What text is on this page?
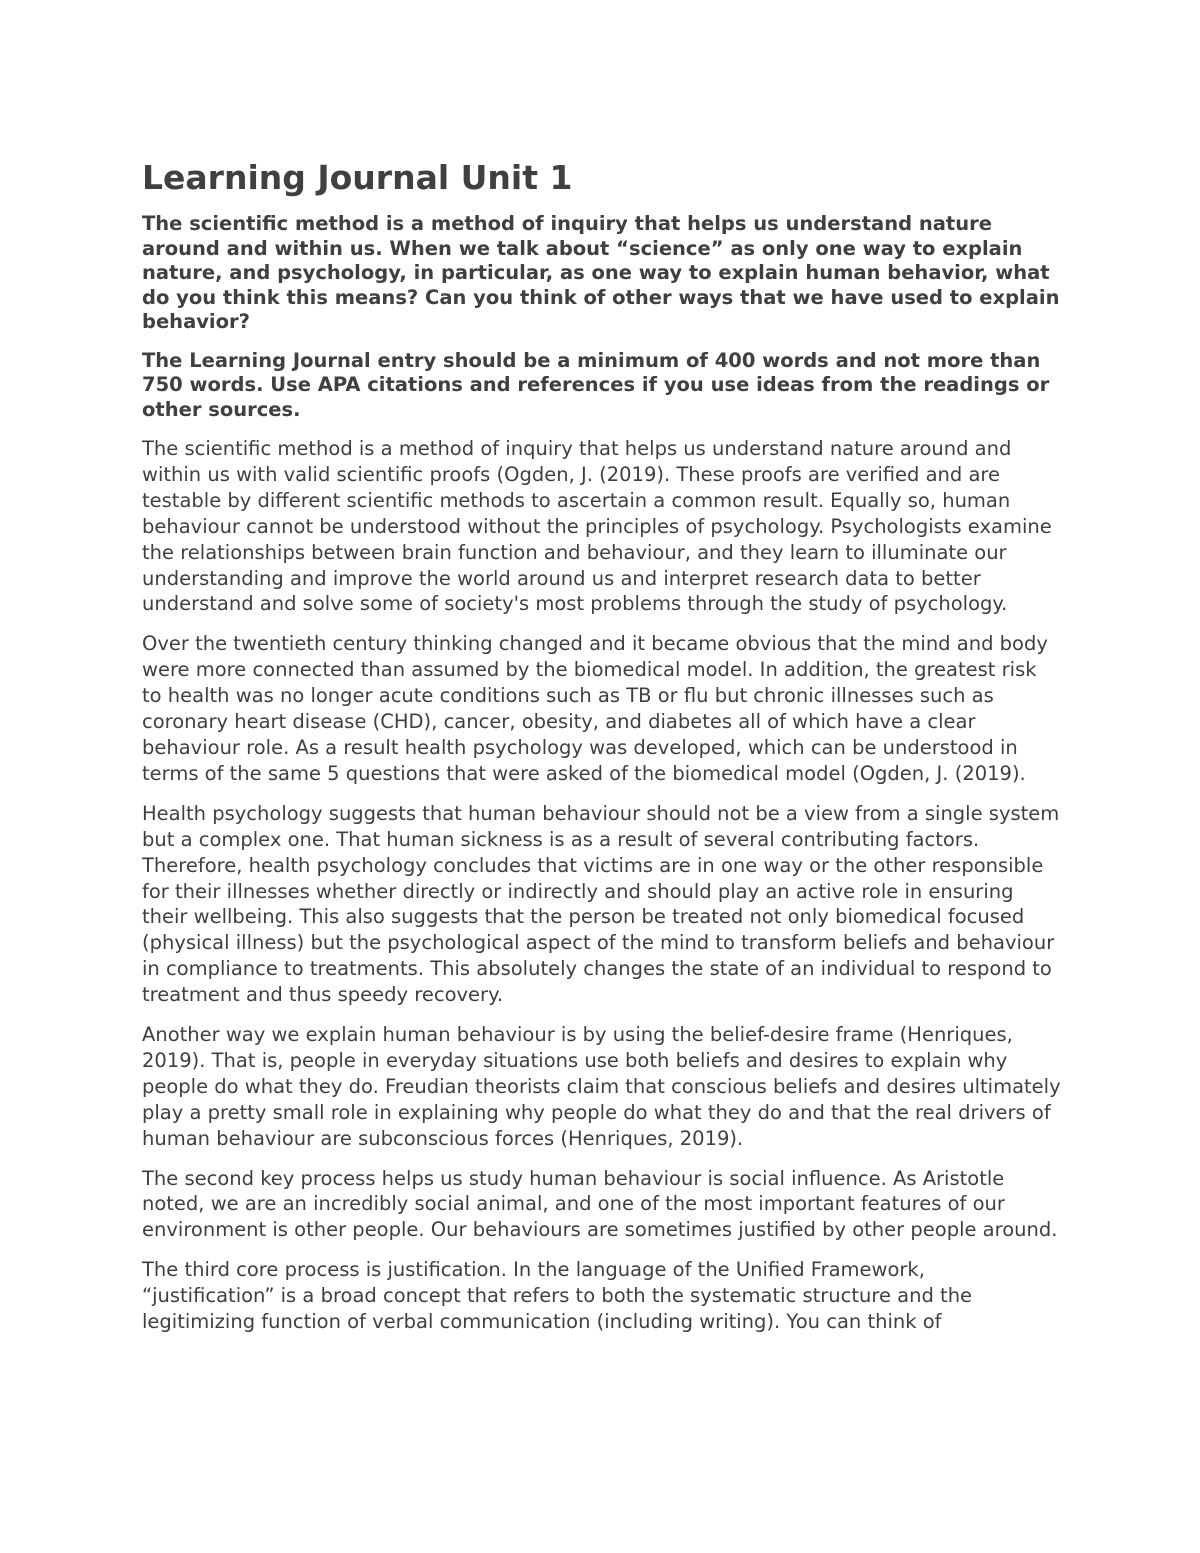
Learning Journal Unit 1

The scientific method is a method of inquiry that helps us understand nature around and within us. When we talk about “science” as only one way to explain nature, and psychology, in particular, as one way to explain human behavior, what do you think this means? Can you think of other ways that we have used to explain behavior?

The Learning Journal entry should be a minimum of 400 words and not more than 750 words. Use APA citations and references if you use ideas from the readings or other sources.

The scientific method is a method of inquiry that helps us understand nature around and within us with valid scientific proofs (Ogden, J. (2019). These proofs are verified and are testable by different scientific methods to ascertain a common result. Equally so, human behaviour cannot be understood without the principles of psychology. Psychologists examine the relationships between brain function and behaviour, and they learn to illuminate our understanding and improve the world around us and interpret research data to better understand and solve some of society's most problems through the study of psychology.

Over the twentieth century thinking changed and it became obvious that the mind and body were more connected than assumed by the biomedical model. In addition, the greatest risk to health was no longer acute conditions such as TB or flu but chronic illnesses such as coronary heart disease (CHD), cancer, obesity, and diabetes all of which have a clear behaviour role. As a result health psychology was developed, which can be understood in terms of the same 5 questions that were asked of the biomedical model (Ogden, J. (2019).

Health psychology suggests that human behaviour should not be a view from a single system but a complex one. That human sickness is as a result of several contributing factors. Therefore, health psychology concludes that victims are in one way or the other responsible for their illnesses whether directly or indirectly and should play an active role in ensuring their wellbeing. This also suggests that the person be treated not only biomedical focused (physical illness) but the psychological aspect of the mind to transform beliefs and behaviour in compliance to treatments. This absolutely changes the state of an individual to respond to treatment and thus speedy recovery.

Another way we explain human behaviour is by using the belief-desire frame (Henriques, 2019). That is, people in everyday situations use both beliefs and desires to explain why people do what they do. Freudian theorists claim that conscious beliefs and desires ultimately play a pretty small role in explaining why people do what they do and that the real drivers of human behaviour are subconscious forces (Henriques, 2019).

The second key process helps us study human behaviour is social influence. As Aristotle noted, we are an incredibly social animal, and one of the most important features of our environment is other people. Our behaviours are sometimes justified by other people around.

The third core process is justification. In the language of the Unified Framework, “justification” is a broad concept that refers to both the systematic structure and the legitimizing function of verbal communication (including writing). You can think of
